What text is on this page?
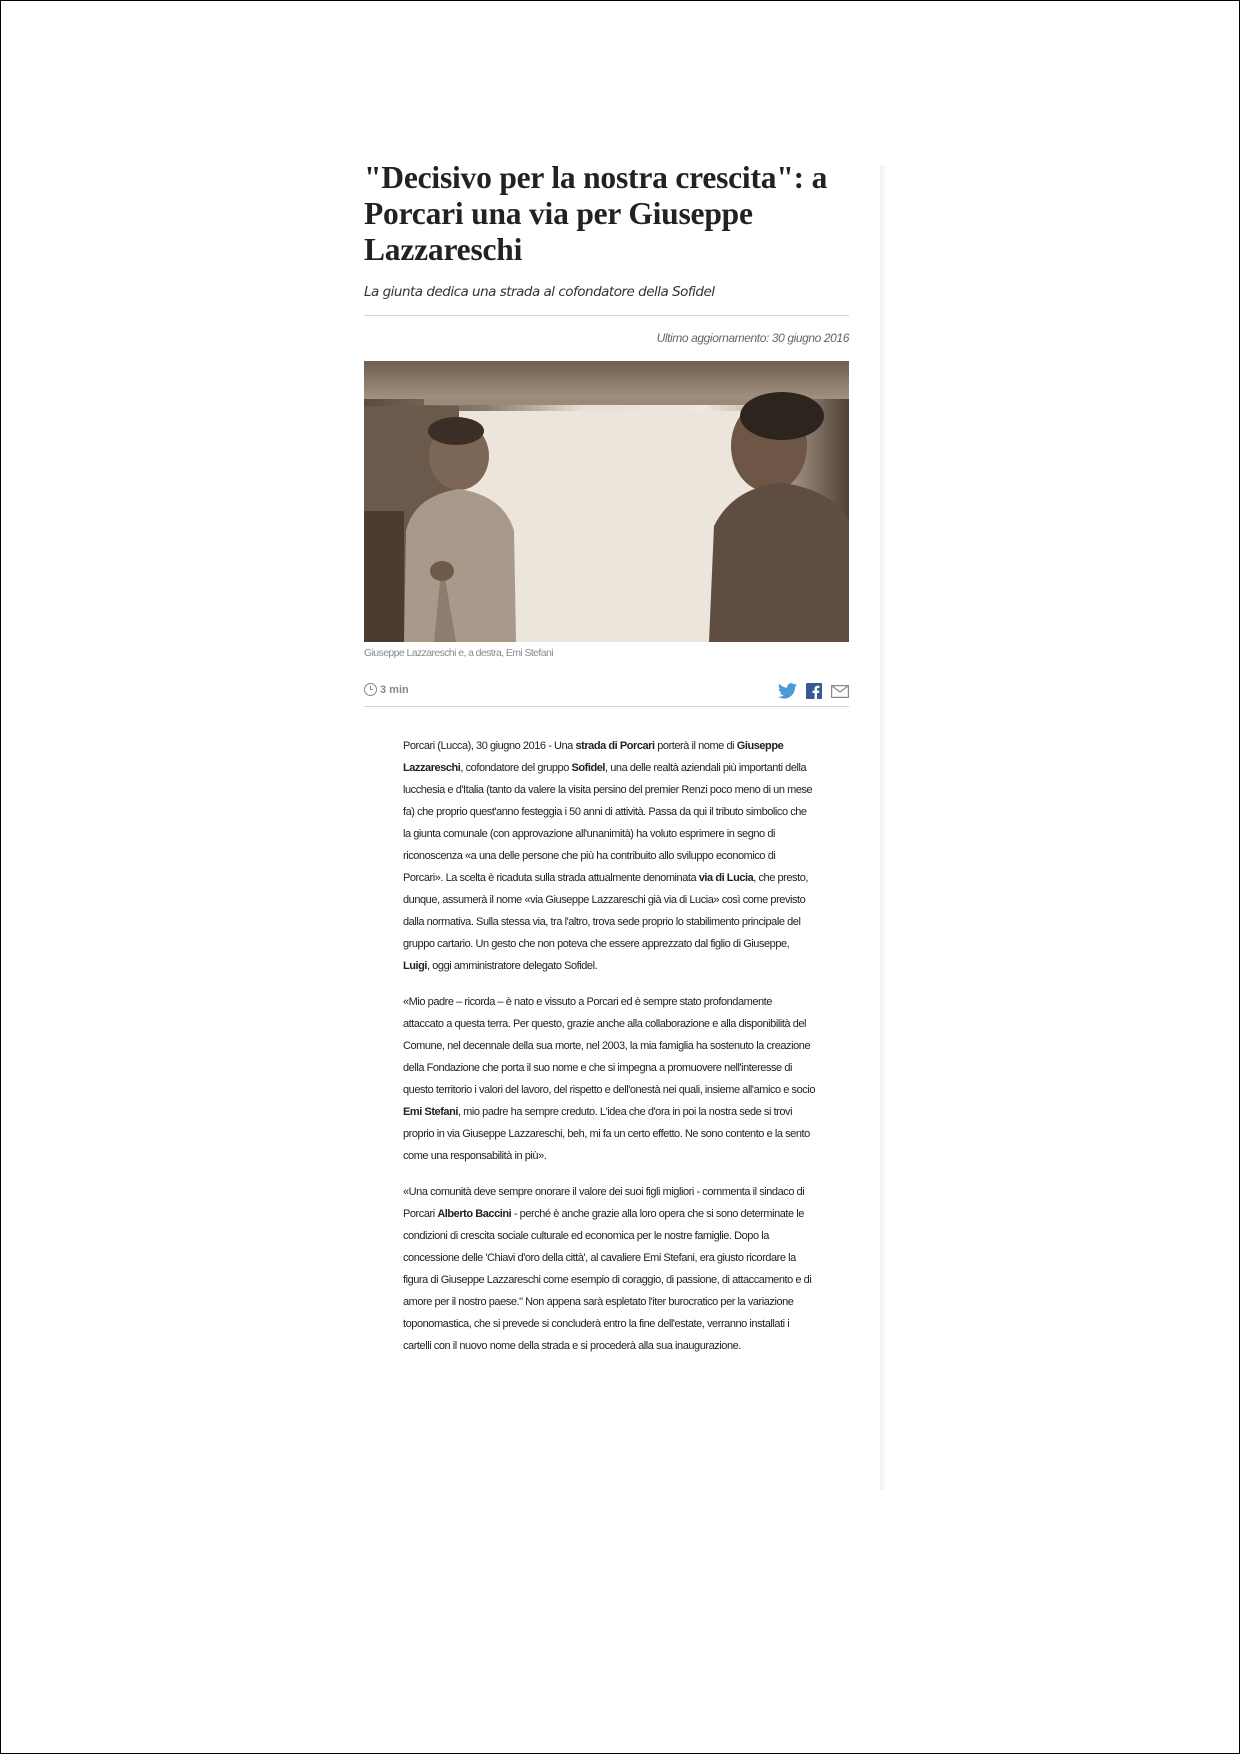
"Decisivo per la nostra crescita": a Porcari una via per Giuseppe Lazzareschi
La giunta dedica una strada al cofondatore della Sofidel
Ultimo aggiornamento: 30 giugno 2016
Giuseppe Lazzareschi e, a destra, Emi Stefani
3 min

Porcari (Lucca), 30 giugno 2016 - Una strada di Porcari porterà il nome di Giuseppe Lazzareschi, cofondatore del gruppo Sofidel, una delle realtà aziendali più importanti della lucchesia e d'Italia (tanto da valere la visita persino del premier Renzi poco meno di un mese fa) che proprio quest'anno festeggia i 50 anni di attività. Passa da qui il tributo simbolico che la giunta comunale (con approvazione all'unanimità) ha voluto esprimere in segno di riconoscenza «a una delle persone che più ha contribuito allo sviluppo economico di Porcari». La scelta è ricaduta sulla strada attualmente denominata via di Lucia, che presto, dunque, assumerà il nome «via Giuseppe Lazzareschi già via di Lucia» così come previsto dalla normativa. Sulla stessa via, tra l'altro, trova sede proprio lo stabilimento principale del gruppo cartario. Un gesto che non poteva che essere apprezzato dal figlio di Giuseppe, Luigi, oggi amministratore delegato Sofidel.

«Mio padre – ricorda – è nato e vissuto a Porcari ed è sempre stato profondamente attaccato a questa terra. Per questo, grazie anche alla collaborazione e alla disponibilità del Comune, nel decennale della sua morte, nel 2003, la mia famiglia ha sostenuto la creazione della Fondazione che porta il suo nome e che si impegna a promuovere nell'interesse di questo territorio i valori del lavoro, del rispetto e dell'onestà nei quali, insieme all'amico e socio Emi Stefani, mio padre ha sempre creduto. L'idea che d'ora in poi la nostra sede si trovi proprio in via Giuseppe Lazzareschi, beh, mi fa un certo effetto. Ne sono contento e la sento come una responsabilità in più».

«Una comunità deve sempre onorare il valore dei suoi figli migliori - commenta il sindaco di Porcari Alberto Baccini - perché è anche grazie alla loro opera che si sono determinate le condizioni di crescita sociale culturale ed economica per le nostre famiglie. Dopo la concessione delle 'Chiavi d'oro della città', al cavaliere Emi Stefani, era giusto ricordare la figura di Giuseppe Lazzareschi come esempio di coraggio, di passione, di attaccamento e di amore per il nostro paese." Non appena sarà espletato l'iter burocratico per la variazione toponomastica, che si prevede si concluderà entro la fine dell'estate, verranno installati i cartelli con il nuovo nome della strada e si procederà alla sua inaugurazione.
